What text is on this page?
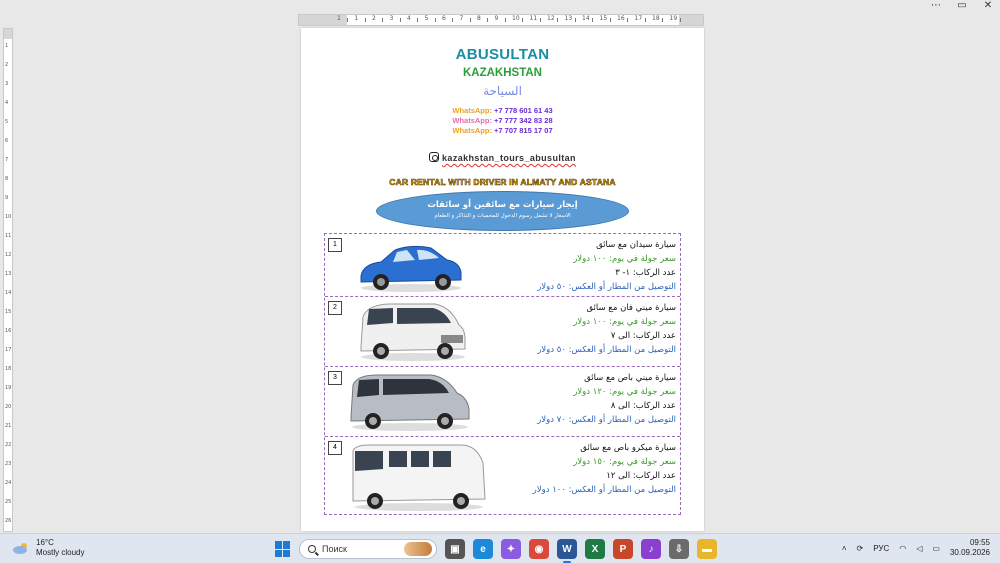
⋯ ▭ ✕
1 1 2 3 4 5 6 7 8 9 10 11 12 13 14 15 16 17 18 19
1
2
3
4
5
6
7
8
9
10
11
12
13
14
15
16
17
18
19
20
21
22
23
24
25
26
ABUSULTAN
KAZAKHSTAN
السياحة
WhatsApp: +7 778 601 61 43
WhatsApp: +7 777 342 83 28
WhatsApp: +7 707 815 17 07
kazakhstan_tours_abusultan
CAR RENTAL WITH DRIVER IN ALMATY AND ASTANA
إيجار سيارات مع سائقين أو سائقات
الاسعار لا تشمل رسوم الدخول للمحميات و التذاكر و الطعام
1	سيارة سيدان مع سائق
سعر جولة في يوم: ١٠٠ دولار
عدد الركاب: ١- ٣
التوصيل من المطار أو العكس: ٥٠ دولار
2	سيارة ميني فان مع سائق
سعر جولة في يوم: ١٠٠ دولار
عدد الركاب: الى ٧
التوصيل من المطار أو العكس: ٥٠ دولار
3	سيارة ميني باص مع سائق
سعر جولة في يوم: ١٢٠ دولار
عدد الركاب: الى ٨
التوصيل من المطار أو العكس: ٧٠ دولار
4	سيارة ميكرو باص مع سائق
سعر جولة في يوم: ١٥٠ دولار
عدد الركاب: الى ١٢
التوصيل من المطار أو العكس: ١٠٠ دولار
16°C
Mostly cloudy	Поиск	▣	e	✦	◉	W	X	P	♪	⇩	▬	˄ ⟳ РУС ◠ ◁ ▭
09:55
30.09.2026
